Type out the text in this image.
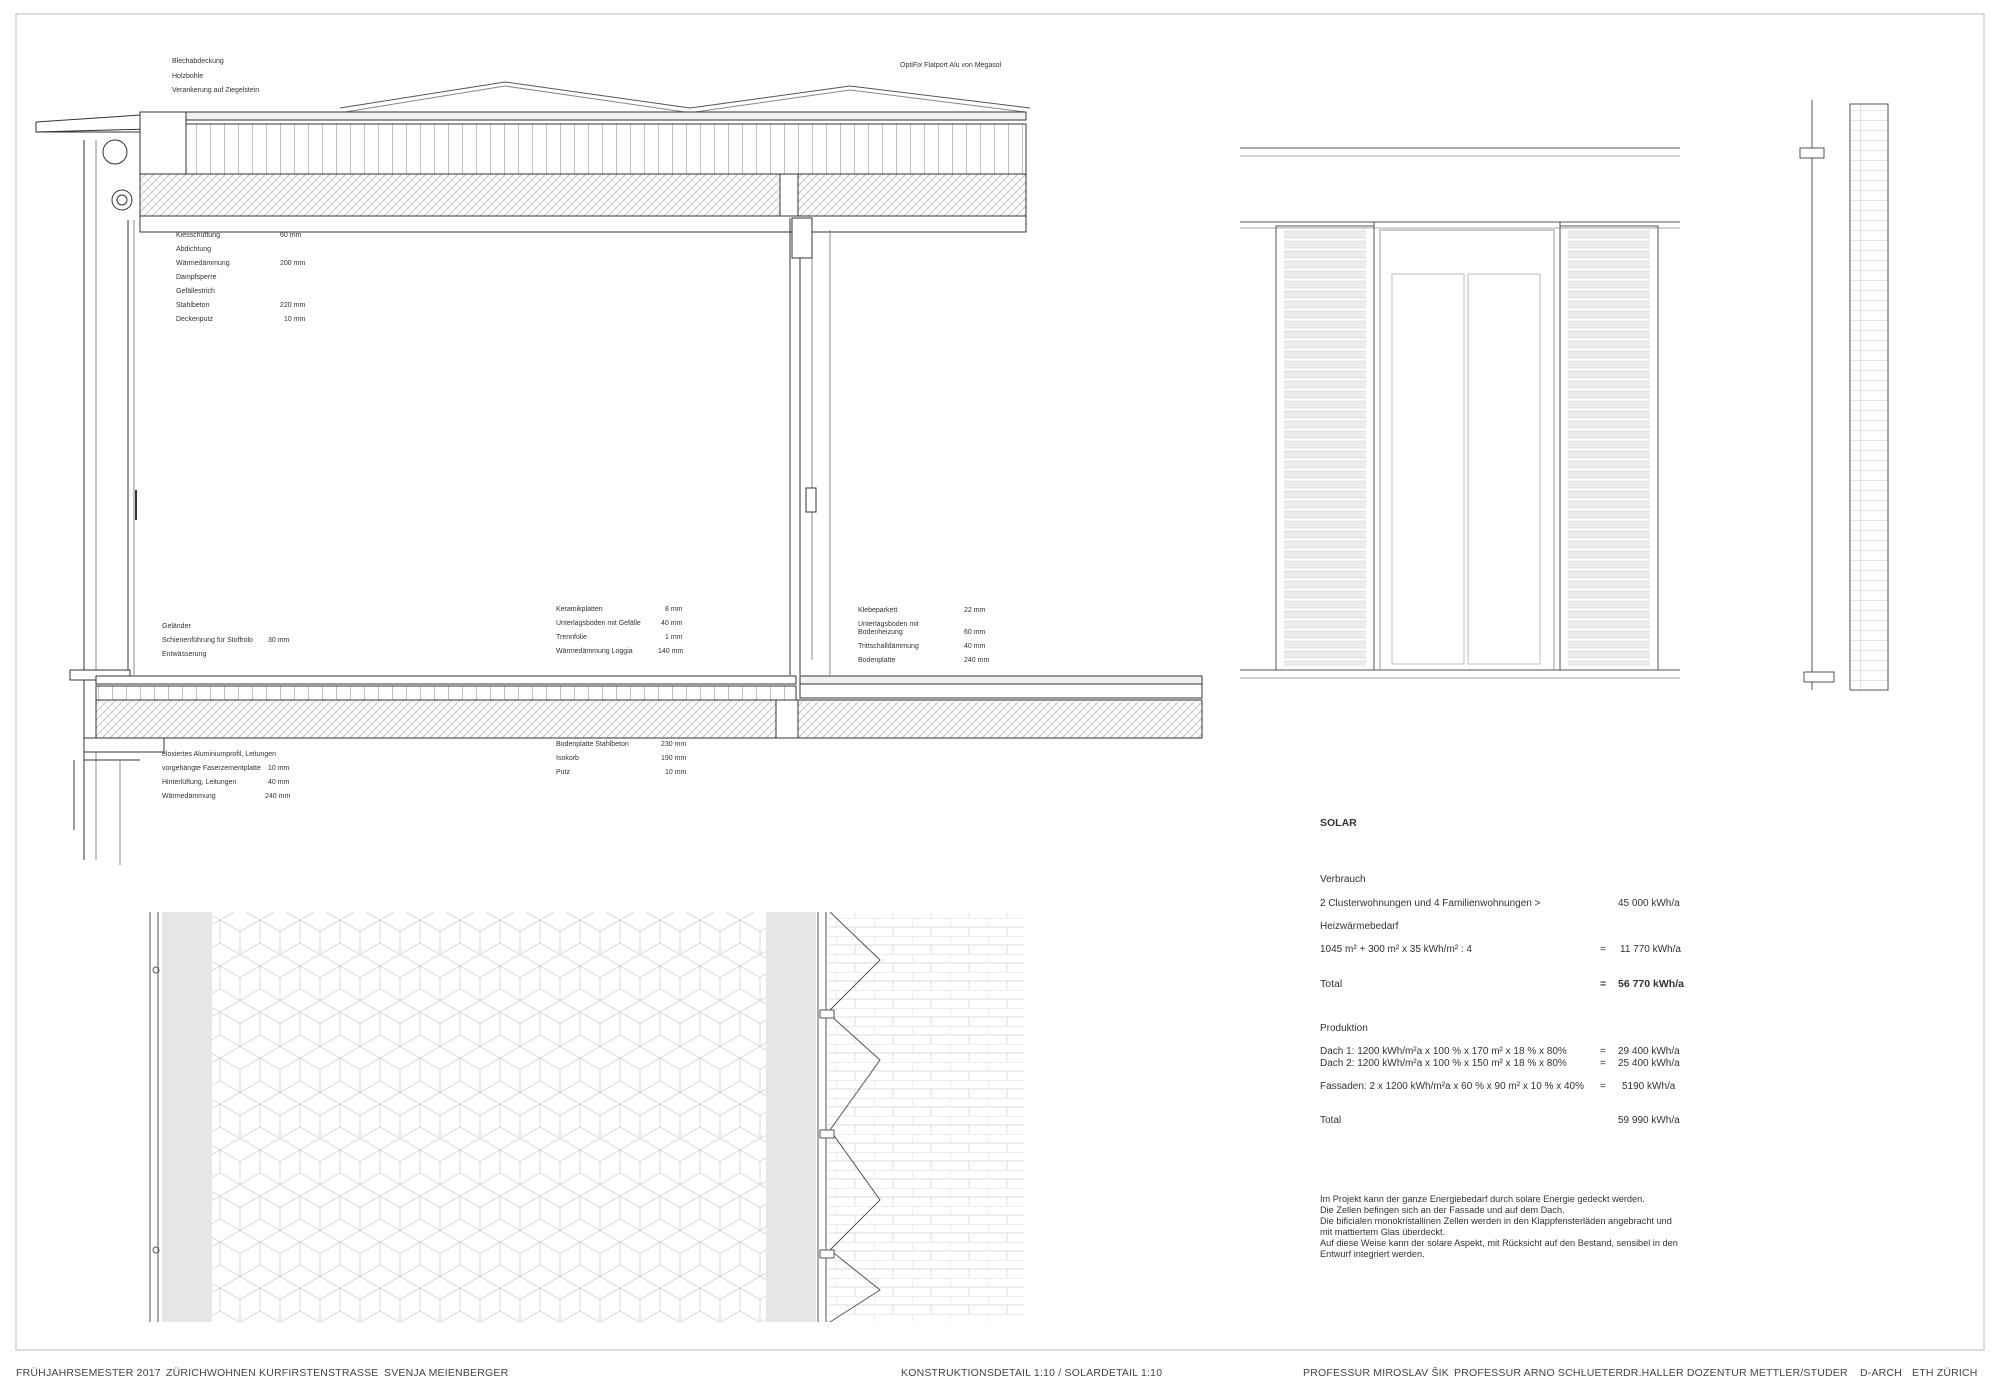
Blechabdeckung
Holzbohle
Verankerung auf Ziegelstein
OptiFix Flatport Alu von Megasol
Kiesschüttung	60 mm
Abdichtung
Wärmedämmung	200 mm
Dampfsperre
Gefällestrich
Stahlbeton	220 mm
Deckenputz	10 mm
Geländer
Schienenführung für Stoffrolo 30 mm
Entwässerung
Keramikplatten	8 mm
Unterlagsboden mit Gefälle	40 mm
Trennfolie	1 mm
Wärmedämmung Loggia	140 mm
Klebeparkett	22 mm
Unterlagsboden mit Bodenheizung	60 mm
Trittschalldämmung	40 mm
Bodenplatte	240 mm
Bodenplatte Stahlbeton	230 mm
Isokorb	190 mm
Putz	10 mm
eloxiertes Aluminiumprofil, Leitungen
vorgehängte Faserzementplatte 10 mm
Hinterlüftung, Leitungen	40 mm
Wärmedämmung	240 mm
SOLAR
Verbrauch
2 Clusterwohnungen und 4 Familienwohnungen >	45 000 kWh/a
Heizwärmebedarf
1045 m² + 300 m² x 35 kWh/m² : 4	= 11 770 kWh/a
Total	= 56 770 kWh/a
Produktion
Dach 1: 1200 kWh/m²a x 100 % x 170 m² x 18 % x 80%	= 29 400 kWh/a
Dach 2: 1200 kWh/m²a x 100 % x 150 m² x 18 % x 80%	= 25 400 kWh/a
Fassaden: 2 x 1200 kWh/m²a x 60 % x 90 m² x 10 % x 40% = 5190 kWh/a
Total	59 990 kWh/a
Im Projekt kann der ganze Energiebedarf durch solare Energie gedeckt werden.
Die Zellen befingen sich an der Fassade und auf dem Dach.
Die bificialen monokristallinen Zellen werden in den Klappfensterläden angebracht und
mit mattiertem Glas überdeckt.
Auf diese Weise kann der solare Aspekt, mit Rücksicht auf den Bestand, sensibel in den
Entwurf integriert werden.
FRÜHJAHRSEMESTER 2017 ZÜRICHWOHNEN KURFIRSTENSTRASSE SVENJA MEIENBERGER	KONSTRUKTIONSDETAIL 1:10 / SOLARDETAIL 1:10	PROFESSUR MIROSLAV ŠIK PROFESSUR ARNO SCHLUETER DR.HALLER DOZENTUR METTLER/STUDER D-ARCH ETH ZÜRICH
